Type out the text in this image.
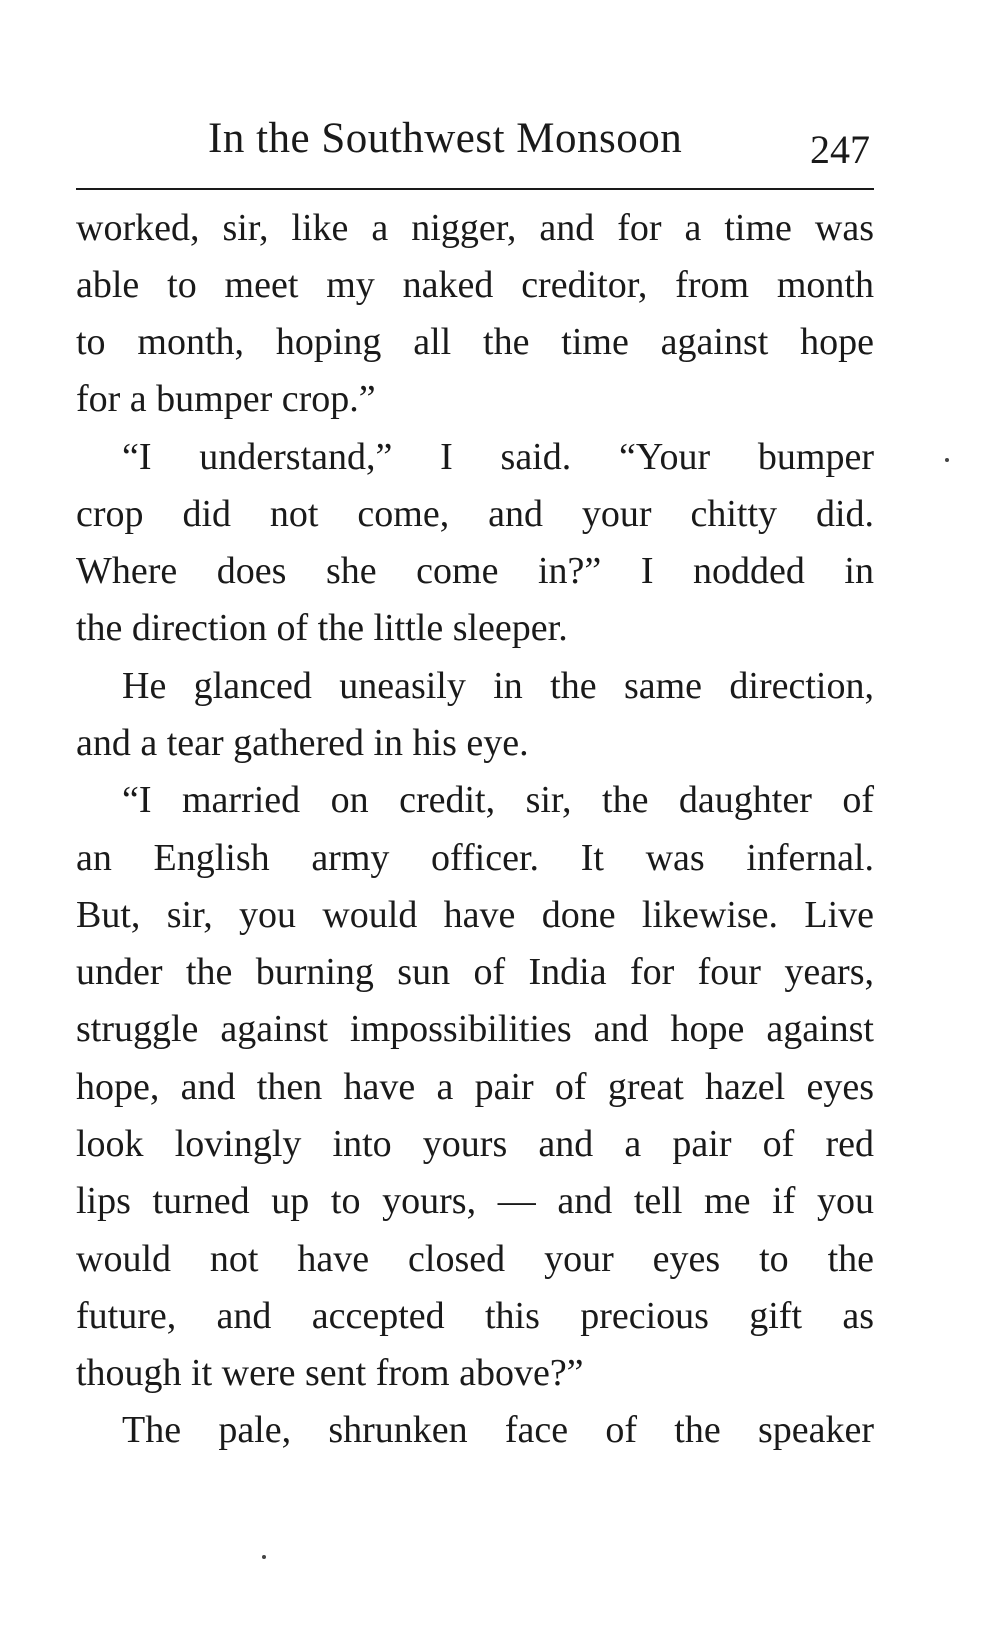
In the Southwest Monsoon	247
worked, sir, like a nigger, and for a time was
able to meet my naked creditor, from month
to month, hoping all the time against hope
for a bumper crop.”
“I understand,” I said. “Your bumper
crop did not come, and your chitty did.
Where does she come in?” I nodded in
the direction of the little sleeper.
He glanced uneasily in the same direction,
and a tear gathered in his eye.
“I married on credit, sir, the daughter of
an English army officer. It was infernal.
But, sir, you would have done likewise. Live
under the burning sun of India for four years,
struggle against impossibilities and hope against
hope, and then have a pair of great hazel eyes
look lovingly into yours and a pair of red
lips turned up to yours, — and tell me if you
would not have closed your eyes to the
future, and accepted this precious gift as
though it were sent from above?”
The pale, shrunken face of the speaker
